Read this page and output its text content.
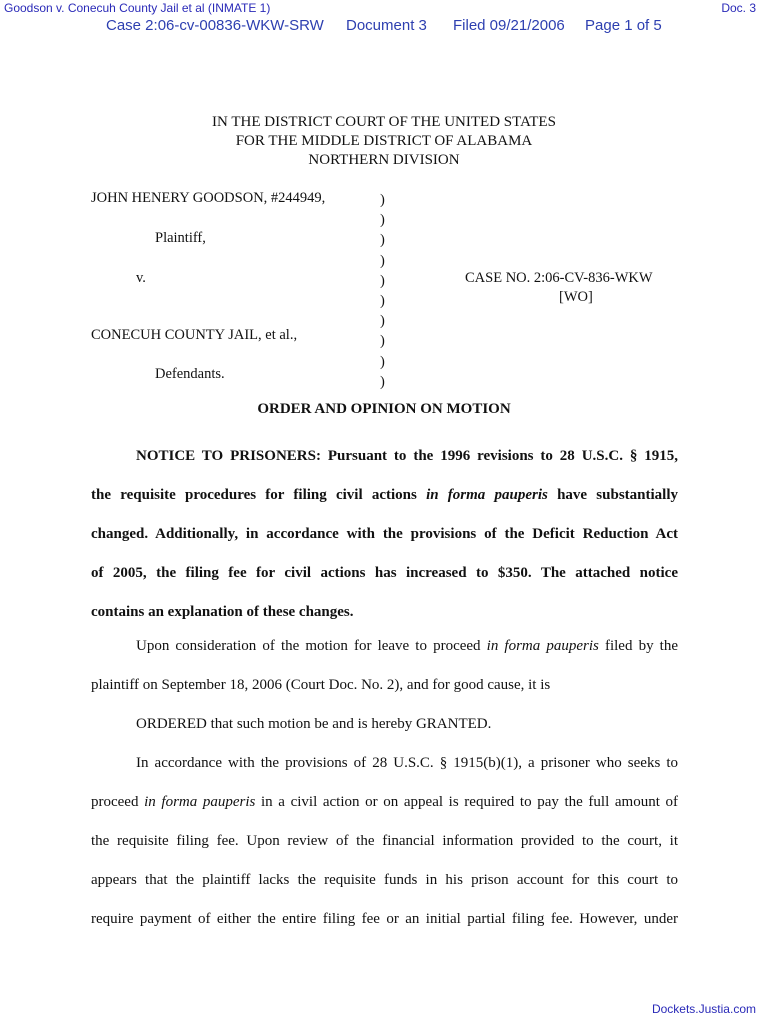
Goodson v. Conecuh County Jail et al (INMATE 1)	Doc. 3
Case 2:06-cv-00836-WKW-SRW Document 3 Filed 09/21/2006 Page 1 of 5
IN THE DISTRICT COURT OF THE UNITED STATES
FOR THE MIDDLE DISTRICT OF ALABAMA
NORTHERN DIVISION
JOHN HENERY GOODSON, #244949,
Plaintiff,
v.
CONECUH COUNTY JAIL, et al.,
Defendants.
CASE NO. 2:06-CV-836-WKW
[WO]
)
)
)
)
)
)
)
)
)
)
ORDER AND OPINION ON MOTION
NOTICE TO PRISONERS: Pursuant to the 1996 revisions to 28 U.S.C. § 1915,
the requisite procedures for filing civil actions in forma pauperis have substantially
changed. Additionally, in accordance with the provisions of the Deficit Reduction Act
of 2005, the filing fee for civil actions has increased to $350. The attached notice
contains an explanation of these changes.
Upon consideration of the motion for leave to proceed in forma pauperis filed by the
plaintiff on September 18, 2006 (Court Doc. No. 2), and for good cause, it is
ORDERED that such motion be and is hereby GRANTED.
In accordance with the provisions of 28 U.S.C. § 1915(b)(1), a prisoner who seeks to
proceed in forma pauperis in a civil action or on appeal is required to pay the full amount of
the requisite filing fee. Upon review of the financial information provided to the court, it
appears that the plaintiff lacks the requisite funds in his prison account for this court to
require payment of either the entire filing fee or an initial partial filing fee. However, under
Dockets.Justia.com
